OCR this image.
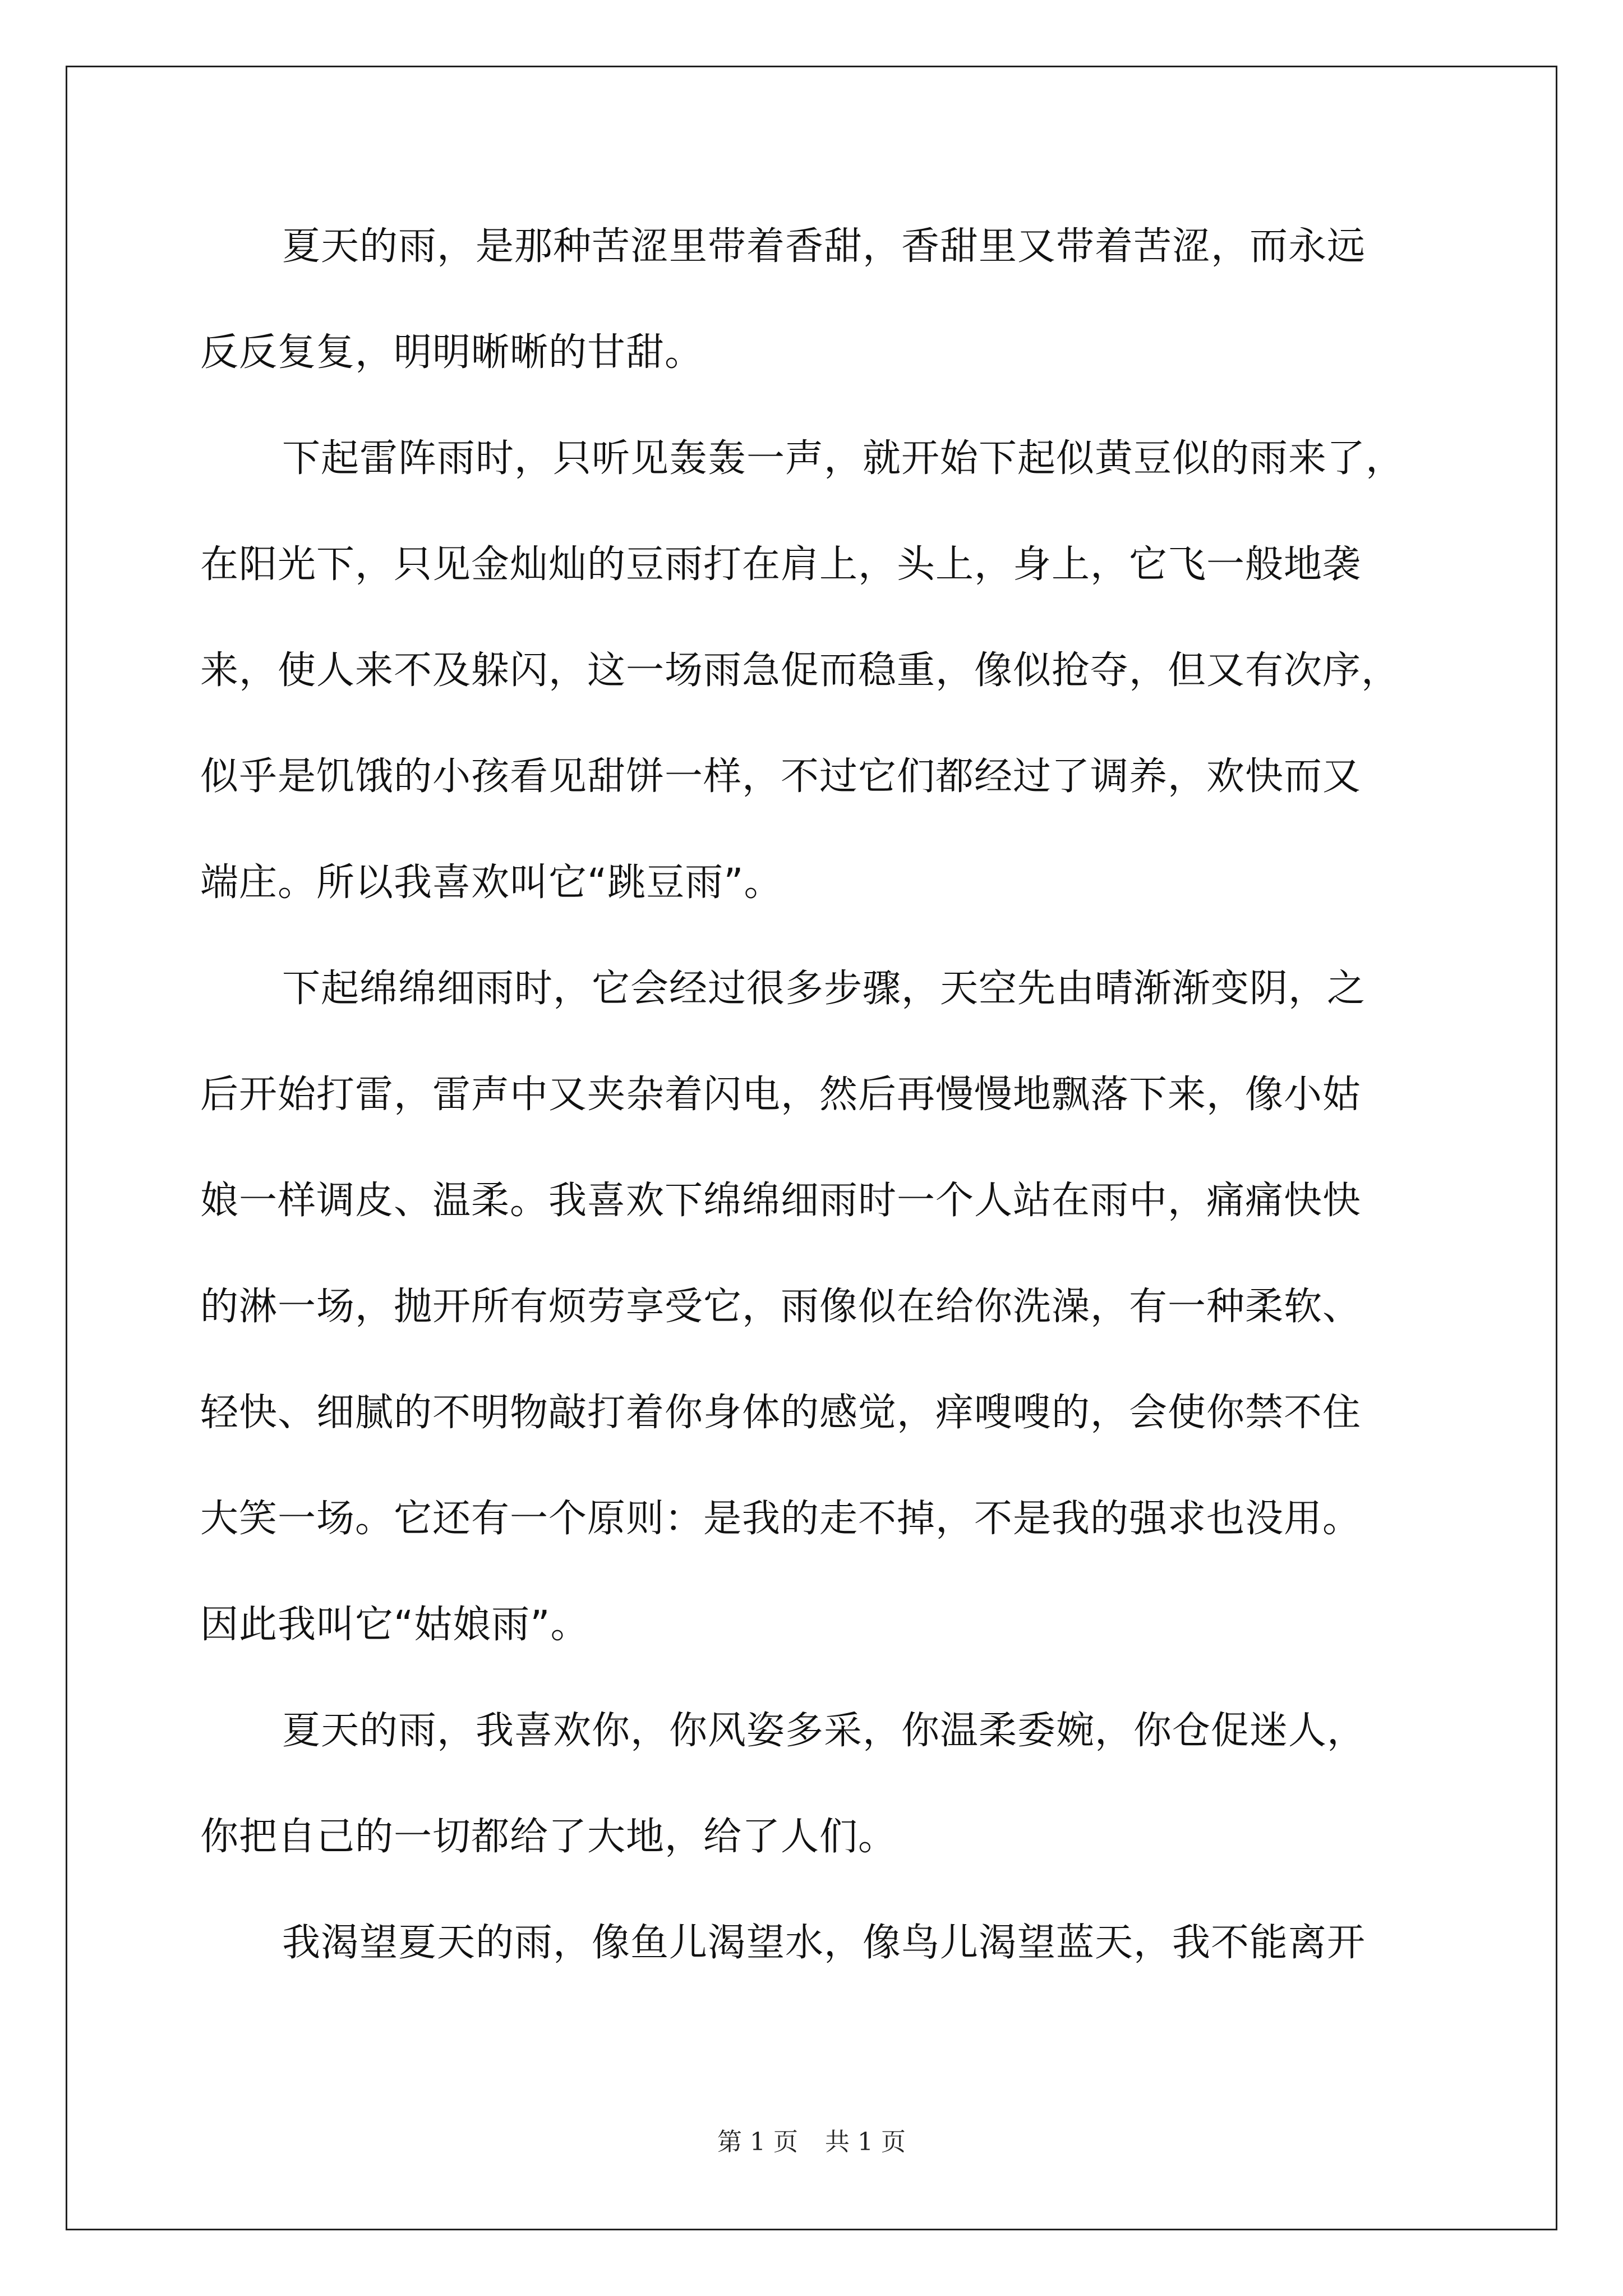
夏天的雨，是那种苦涩里带着香甜，香甜里又带着苦涩，而永远
反反复复，明明晰晰的甘甜。
下起雷阵雨时，只听见轰轰一声，就开始下起似黄豆似的雨来了，
在阳光下，只见金灿灿的豆雨打在肩上，头上，身上，它飞一般地袭
来，使人来不及躲闪，这一场雨急促而稳重，像似抢夺，但又有次序，
似乎是饥饿的小孩看见甜饼一样，不过它们都经过了调养，欢快而又
端庄。所以我喜欢叫它“跳豆雨”。
下起绵绵细雨时，它会经过很多步骤，天空先由晴渐渐变阴，之
后开始打雷，雷声中又夹杂着闪电，然后再慢慢地飘落下来，像小姑
娘一样调皮、温柔。我喜欢下绵绵细雨时一个人站在雨中，痛痛快快
的淋一场，抛开所有烦劳享受它，雨像似在给你洗澡，有一种柔软、
轻快、细腻的不明物敲打着你身体的感觉，痒嗖嗖的，会使你禁不住
大笑一场。它还有一个原则：是我的走不掉，不是我的强求也没用。
因此我叫它“姑娘雨”。
夏天的雨，我喜欢你，你风姿多采，你温柔委婉，你仓促迷人，
你把自己的一切都给了大地，给了人们。
我渴望夏天的雨，像鱼儿渴望水，像鸟儿渴望蓝天，我不能离开
第 1 页 共 1 页
